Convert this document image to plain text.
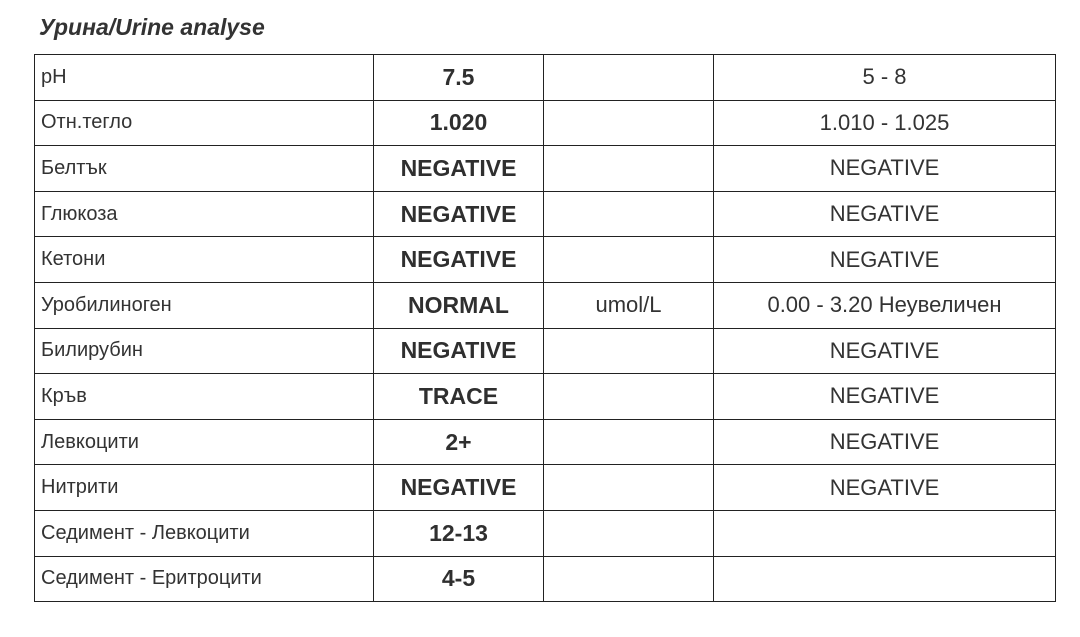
Урина/Urine analyse
pH	7.5		5 - 8
Отн.тегло	1.020		1.010 - 1.025
Белтък	NEGATIVE		NEGATIVE
Глюкоза	NEGATIVE		NEGATIVE
Кетони	NEGATIVE		NEGATIVE
Уробилиноген	NORMAL	umol/L	0.00 - 3.20 Неувеличен
Билирубин	NEGATIVE		NEGATIVE
Кръв	TRACE		NEGATIVE
Левкоцити	2+		NEGATIVE
Нитрити	NEGATIVE		NEGATIVE
Седимент - Левкоцити	12-13		
Седимент - Еритроцити	4-5		
